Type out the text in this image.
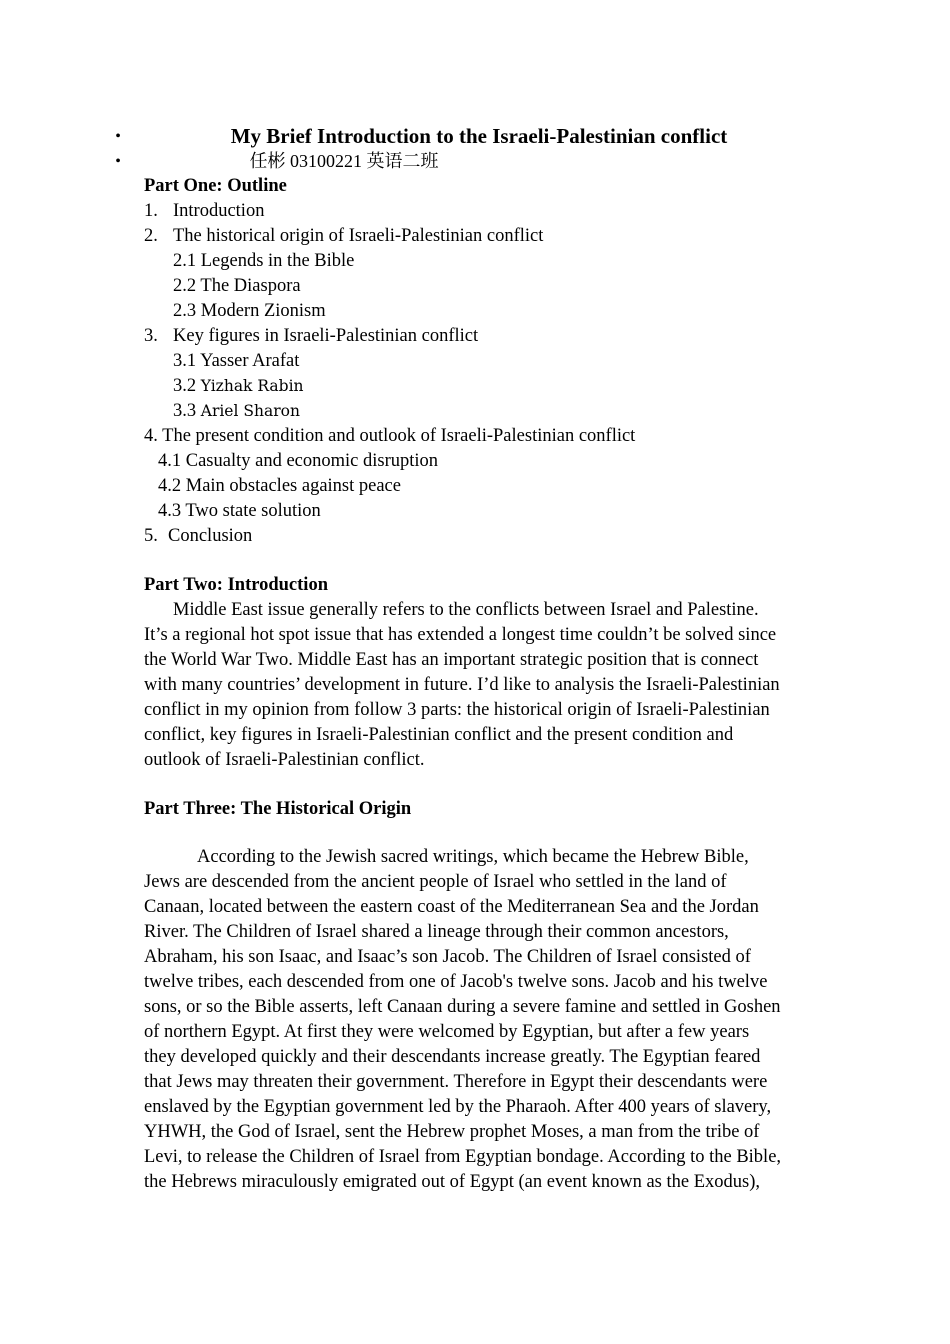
•
•
My Brief Introduction to the Israeli-Palestinian conflict
任彬 03100221 英语二班
Part One: Outline
1. Introduction
2. The historical origin of Israeli-Palestinian conflict
2.1 Legends in the Bible
2.2 The Diaspora
2.3 Modern Zionism
3. Key figures in Israeli-Palestinian conflict
3.1 Yasser Arafat
3.2 Yizhak Rabin
3.3 Ariel Sharon
4. The present condition and outlook of Israeli-Palestinian conflict
4.1 Casualty and economic disruption
4.2 Main obstacles against peace
4.3 Two state solution
5. Conclusion
Part Two: Introduction
Middle East issue generally refers to the conflicts between Israel and Palestine.
It’s a regional hot spot issue that has extended a longest time couldn’t be solved since
the World War Two. Middle East has an important strategic position that is connect
with many countries’ development in future. I’d like to analysis the Israeli-Palestinian
conflict in my opinion from follow 3 parts: the historical origin of Israeli-Palestinian
conflict, key figures in Israeli-Palestinian conflict and the present condition and
outlook of Israeli-Palestinian conflict.
Part Three: The Historical Origin
According to the Jewish sacred writings, which became the Hebrew Bible,
Jews are descended from the ancient people of Israel who settled in the land of
Canaan, located between the eastern coast of the Mediterranean Sea and the Jordan
River. The Children of Israel shared a lineage through their common ancestors,
Abraham, his son Isaac, and Isaac’s son Jacob. The Children of Israel consisted of
twelve tribes, each descended from one of Jacob's twelve sons. Jacob and his twelve
sons, or so the Bible asserts, left Canaan during a severe famine and settled in Goshen
of northern Egypt. At first they were welcomed by Egyptian, but after a few years
they developed quickly and their descendants increase greatly. The Egyptian feared
that Jews may threaten their government. Therefore in Egypt their descendants were
enslaved by the Egyptian government led by the Pharaoh. After 400 years of slavery,
YHWH, the God of Israel, sent the Hebrew prophet Moses, a man from the tribe of
Levi, to release the Children of Israel from Egyptian bondage. According to the Bible,
the Hebrews miraculously emigrated out of Egypt (an event known as the Exodus),
